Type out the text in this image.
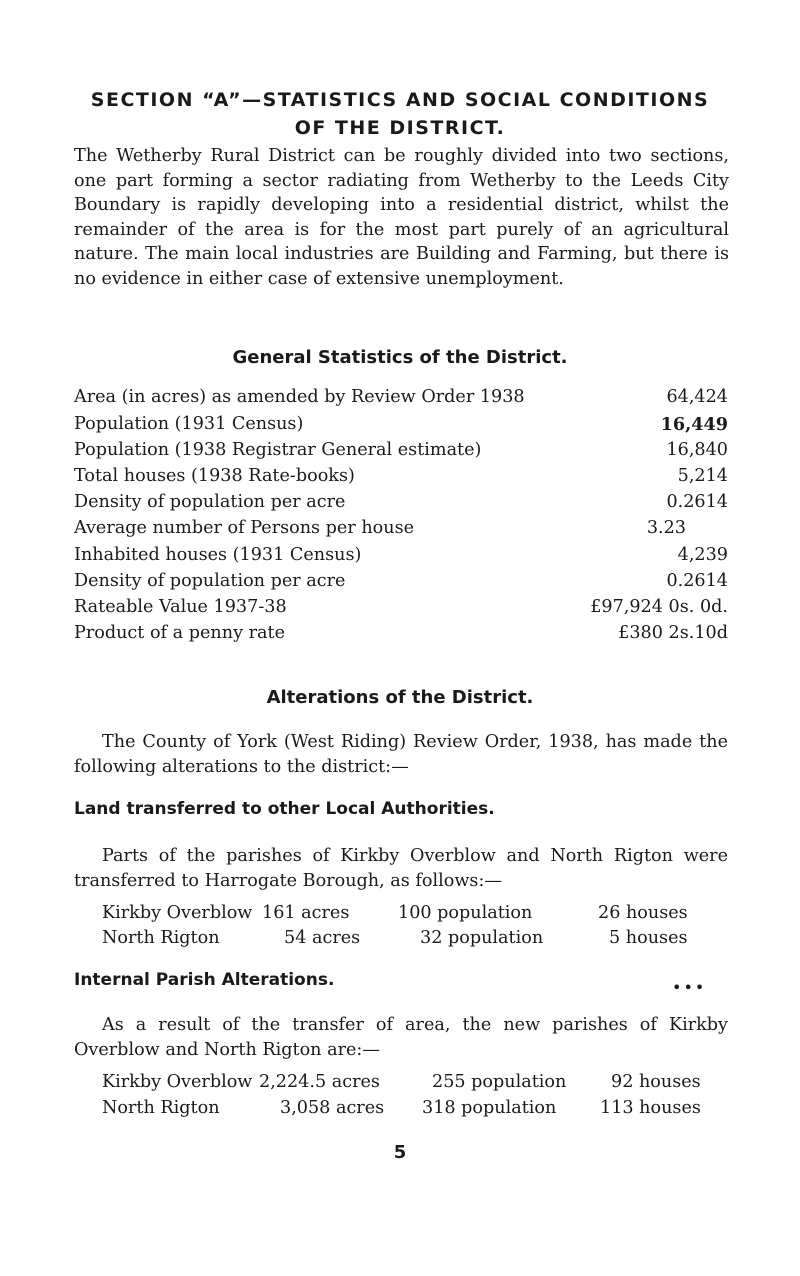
SECTION “A”—STATISTICS AND SOCIAL CONDITIONS
OF THE DISTRICT.
The Wetherby Rural District can be roughly divided into two sections, one part forming a sector radiating from Wetherby to the Leeds City Boundary is rapidly developing into a residential district, whilst the remainder of the area is for the most part purely of an agricultural nature. The main local industries are Building and Farming, but there is no evidence in either case of extensive unemployment.
General Statistics of the District.
Area (in acres) as amended by Review Order 1938	64,424
Population (1931 Census)	16,449
Population (1938 Registrar General estimate)	16,840
Total houses (1938 Rate-books)	5,214
Density of population per acre	0.2614
Average number of Persons per house	3.23
Inhabited houses (1931 Census)	4,239
Density of population per acre	0.2614
Rateable Value 1937-38	£97,924 0s. 0d.
Product of a penny rate	£380 2s.10d
Alterations of the District.
The County of York (West Riding) Review Order, 1938, has made the following alterations to the district:—
Land transferred to other Local Authorities.
Parts of the parishes of Kirkby Overblow and North Rigton were transferred to Harrogate Borough, as follows:—
Kirkby Overblow 161 acres	100 population	26 houses
North Rigton	54 acres	32 population	5 houses
Internal Parish Alterations.	•••
As a result of the transfer of area, the new parishes of Kirkby Overblow and North Rigton are:—
Kirkby Overblow 2,224.5 acres	255 population	92 houses
North Rigton	3,058 acres 318 population 113 houses
5
